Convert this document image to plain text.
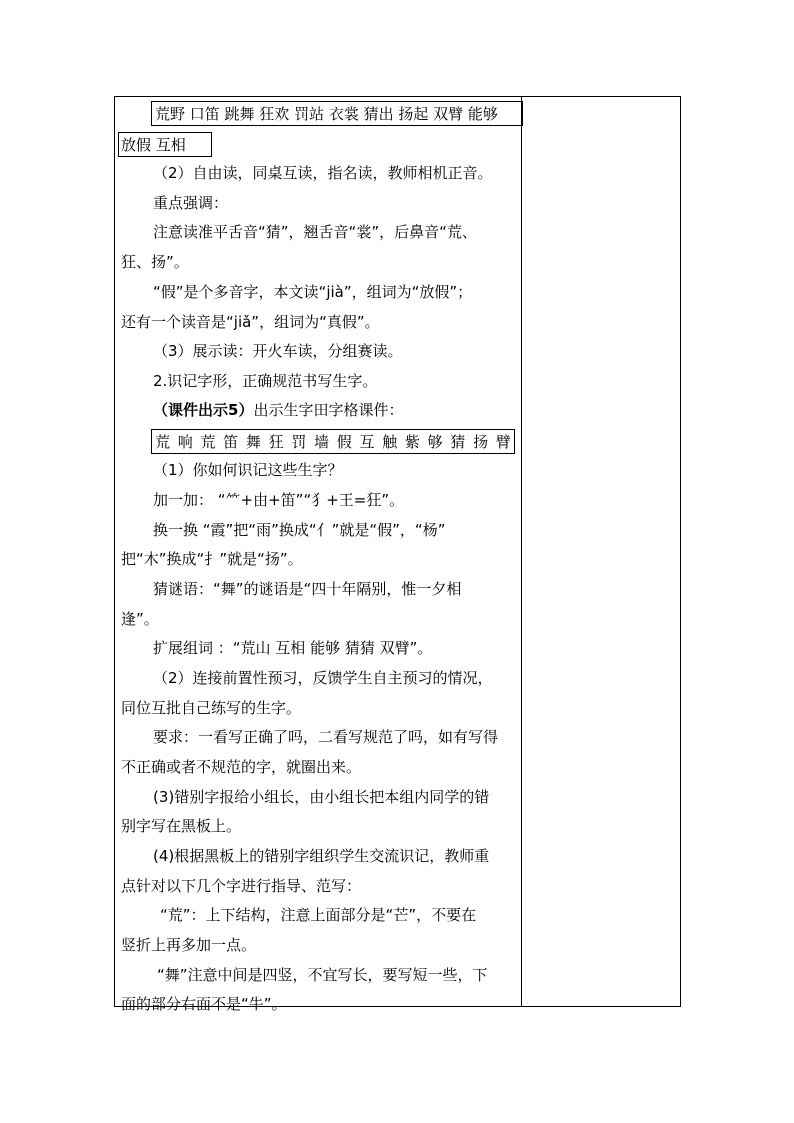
荒野 口笛 跳舞 狂欢 罚站 衣裳 猜出 扬起 双臂 能够
放假 互相
（2）自由读，同桌互读，指名读，教师相机正音。
重点强调：
注意读准平舌音“猜”，翘舌音“裳”，后鼻音“荒、
狂、扬”。
“假”是个多音字，本文读“jià”，组词为“放假”；
还有一个读音是“jiǎ”，组词为“真假”。
（3）展示读：开火车读，分组赛读。
2.识记字形，正确规范书写生字。
（课件出示5）出示生字田字格课件：
荒 响 荒 笛 舞 狂 罚 墙 假 互 触 紫 够 猜 扬 臂
（1）你如何识记这些生字？
加一加： “⺮+由+笛”“犭+王=狂”。
换一换 “霞”把“雨”换成“亻”就是“假”，“杨”
把“木”换成“扌”就是“扬”。
猜谜语：“舞”的谜语是“四十年隔别，惟一夕相
逢”。
扩展组词 ：“荒山 互相 能够 猜猜 双臂”。
（2）连接前置性预习，反馈学生自主预习的情况，
同位互批自己练写的生字。
要求：一看写正确了吗，二看写规范了吗，如有写得
不正确或者不规范的字，就圈出来。
(3)错别字报给小组长，由小组长把本组内同学的错
别字写在黑板上。
(4)根据黑板上的错别字组织学生交流识记，教师重
点针对以下几个字进行指导、范写：
“荒”：上下结构，注意上面部分是“芒”，不要在
竖折上再多加一点。
“舞”注意中间是四竖，不宜写长，要写短一些，下
面的部分右面不是“牛”。
